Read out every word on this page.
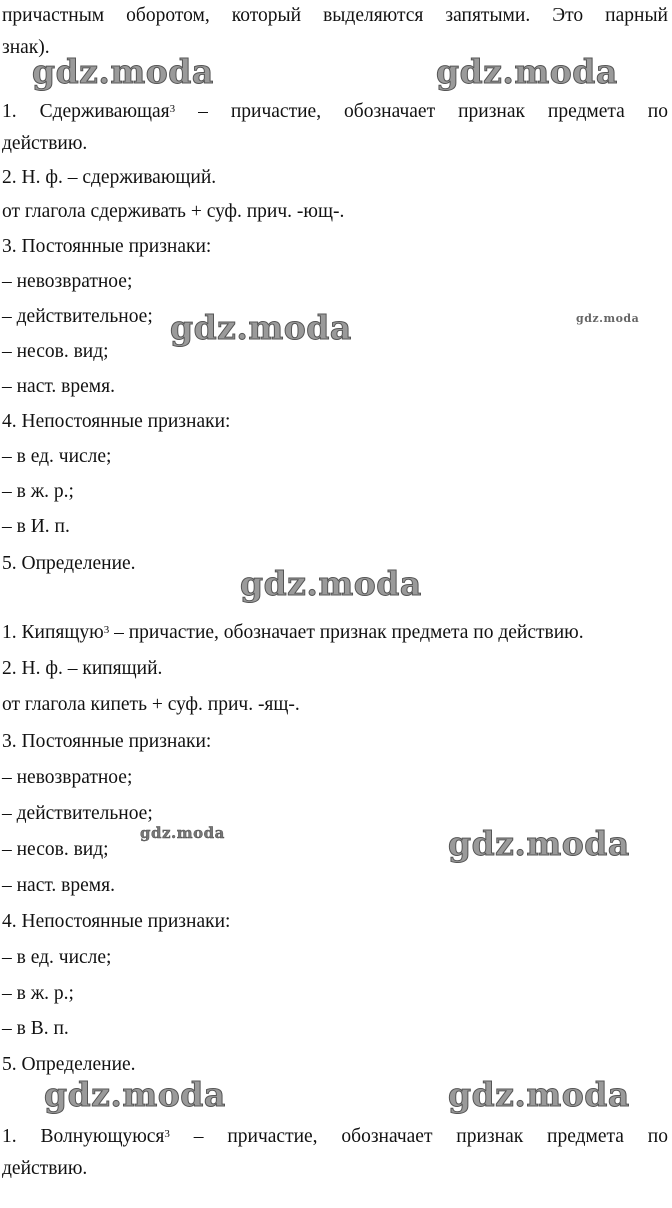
причастным оборотом, который выделяются запятыми. Это парный
знак).
1. Сдерживающая$^3$ – причастие, обозначает признак предмета по
действию.
2. Н. ф. – сдерживающий.
от глагола сдерживать + суф. прич. -ющ-.
3. Постоянные признаки:
– невозвратное;
– действительное;
– несов. вид;
– наст. время.
4. Непостоянные признаки:
– в ед. числе;
– в ж. р.;
– в И. п.
5. Определение.
1. Кипящую$^3$ – причастие, обозначает признак предмета по действию.
2. Н. ф. – кипящий.
от глагола кипеть + суф. прич. -ящ-.
3. Постоянные признаки:
– невозвратное;
– действительное;
– несов. вид;
– наст. время.
4. Непостоянные признаки:
– в ед. числе;
– в ж. р.;
– в В. п.
5. Определение.
1. Волнующуюся$^3$ – причастие, обозначает признак предмета по
действию.
gdz.moda	gdz.moda
gdz.moda	gdz.moda
gdz.moda
gdz.moda	gdz.moda
gdz.moda	gdz.moda
